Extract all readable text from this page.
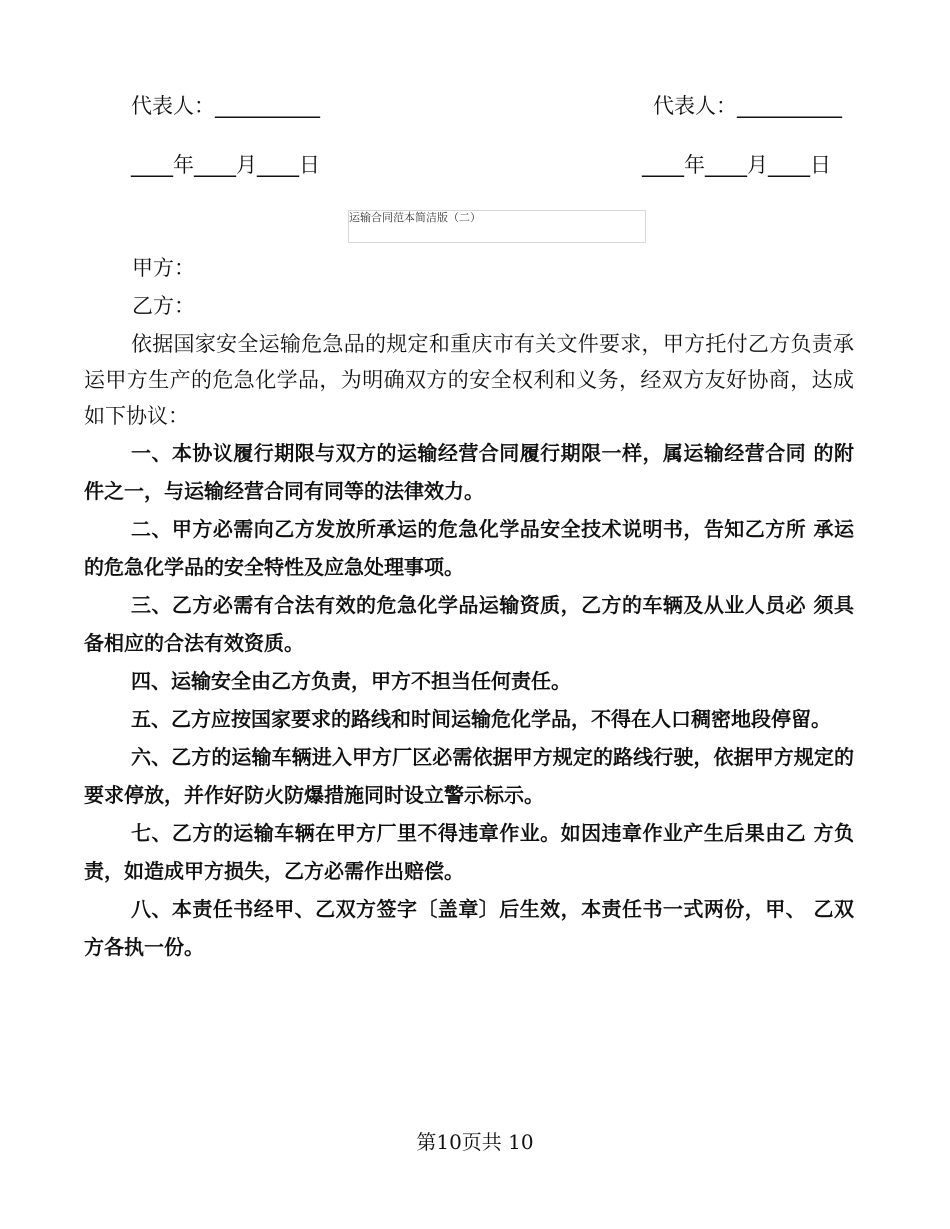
代表人：__________	代表人：__________
____年____月____日	____年____月____日
运输合同范本简洁版（二）
甲方：
乙方：

依据国家安全运输危急品的规定和重庆市有关文件要求，甲方托付乙方负责承运甲方生产的危急化学品，为明确双方的安全权利和义务，经双方友好协商，达成如下协议：

一、本协议履行期限与双方的运输经营合同履行期限一样，属运输经营合同 的附件之一，与运输经营合同有同等的法律效力。

二、甲方必需向乙方发放所承运的危急化学品安全技术说明书，告知乙方所 承运的危急化学品的安全特性及应急处理事项。

三、乙方必需有合法有效的危急化学品运输资质，乙方的车辆及从业人员必 须具备相应的合法有效资质。

四、运输安全由乙方负责，甲方不担当任何责任。

五、乙方应按国家要求的路线和时间运输危化学品，不得在人口稠密地段停留。

六、乙方的运输车辆进入甲方厂区必需依据甲方规定的路线行驶，依据甲方规定的要求停放，并作好防火防爆措施同时设立警示标示。

七、乙方的运输车辆在甲方厂里不得违章作业。如因违章作业产生后果由乙 方负责，如造成甲方损失，乙方必需作出赔偿。

八、本责任书经甲、乙双方签字〔盖章〕后生效，本责任书一式两份，甲、 乙双方各执一份。

第10页共 10
